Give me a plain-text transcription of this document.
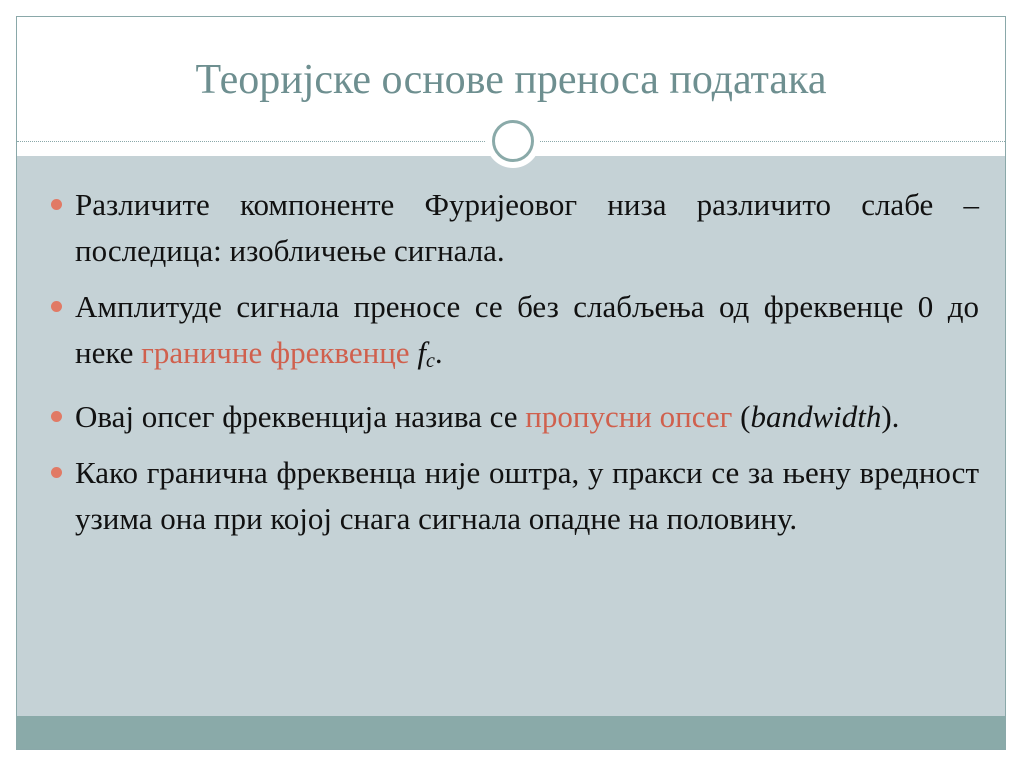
Теоријске основе преноса података
Различите компоненте Фуријеовог низа различито слабе – последица: изобличење сигнала.
Амплитуде сигнала преносе се без слабљења од фреквенце 0 до неке граничне фреквенце $f_c$.
Овај опсег фреквенција назива се пропусни опсег (bandwidth).
Како гранична фреквенца није оштра, у пракси се за њену вредност узима она при којој снага сигнала опадне на половину.
